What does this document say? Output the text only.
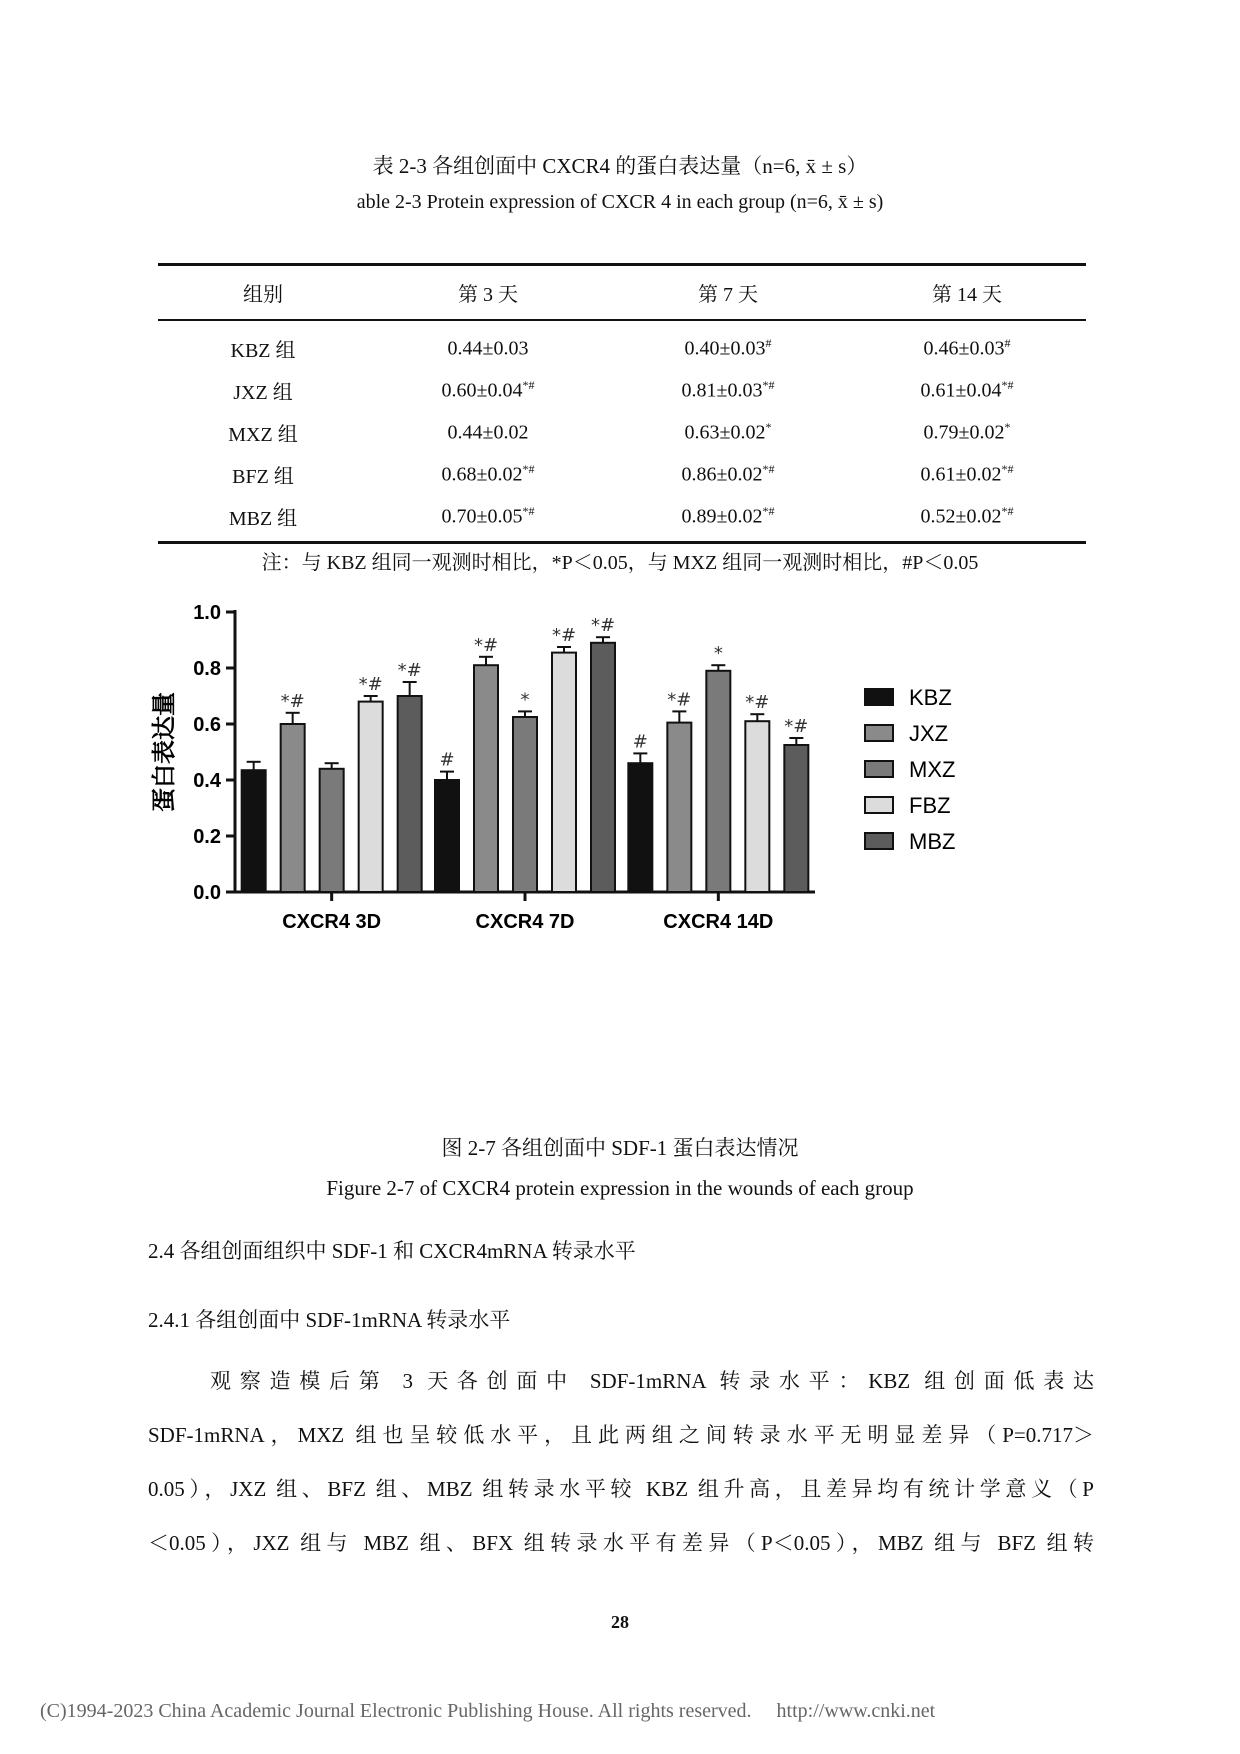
表 2-3 各组创面中 CXCR4 的蛋白表达量（n=6, x̄ ± s）
able 2-3 Protein expression of CXCR 4 in each group (n=6, x̄ ± s)
组别	第 3 天	第 7 天	第 14 天
KBZ 组	0.44±0.03	0.40±0.03#	0.46±0.03#
JXZ 组	0.60±0.04*#	0.81±0.03*#	0.61±0.04*#
MXZ 组	0.44±0.02	0.63±0.02*	0.79±0.02*
BFZ 组	0.68±0.02*#	0.86±0.02*#	0.61±0.02*#
MBZ 组	0.70±0.05*#	0.89±0.02*#	0.52±0.02*#
注：与 KBZ 组同一观测时相比，*P＜0.05，与 MXZ 组同一观测时相比，#P＜0.05
0.0
0.2
0.4
0.6
0.8
1.0
蛋白表达量
CXCR4 3D
*#
*#
*#
CXCR4 7D
#
*#
*
*# *#
CXCR4 14D
#
*#
*
*#
*#
KBZ
JXZ
MXZ
FBZ
MBZ
图 2-7 各组创面中 SDF-1 蛋白表达情况
Figure 2-7 of CXCR4 protein expression in the wounds of each group
2.4 各组创面组织中 SDF-1 和 CXCR4mRNA 转录水平
2.4.1 各组创面中 SDF-1mRNA 转录水平

观察造模后第 3 天各创面中 SDF-1mRNA 转录水平：KBZ 组创面低表达

SDF-1mRNA，MXZ 组也呈较低水平，且此两组之间转录水平无明显差异（P=0.717＞

0.05），JXZ 组、BFZ 组、MBZ 组转录水平较 KBZ 组升高，且差异均有统计学意义（P

＜0.05），JXZ 组与 MBZ 组、BFX 组转录水平有差异（P＜0.05），MBZ 组与 BFZ 组转

28
(C)1994-2023 China Academic Journal Electronic Publishing House. All rights reserved. http://www.cnki.net
